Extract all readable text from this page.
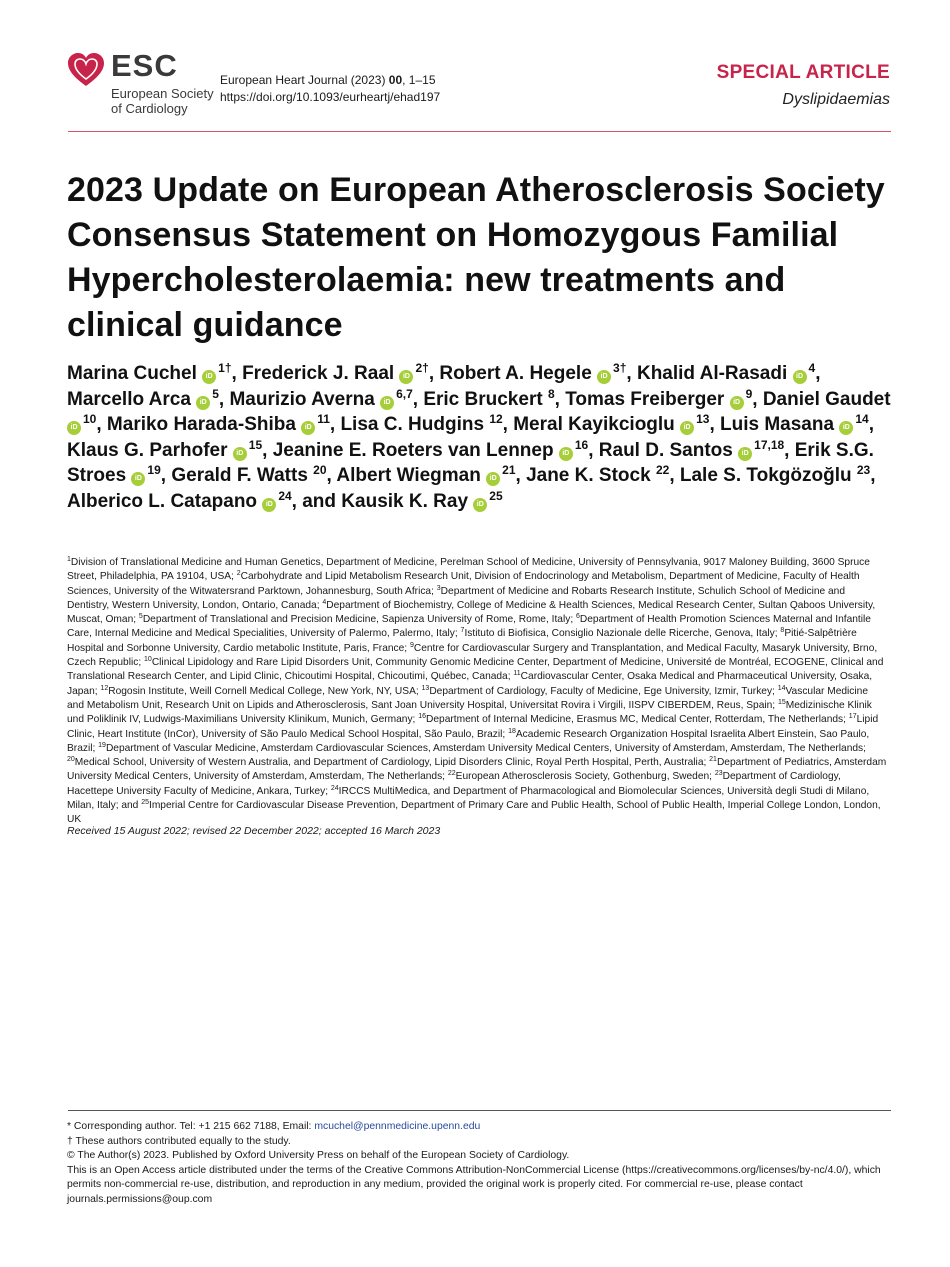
ESC
European Society
of Cardiology
European Heart Journal (2023) 00, 1–15
https://doi.org/10.1093/eurheartj/ehad197
SPECIAL ARTICLE
Dyslipidaemias
2023 Update on European Atherosclerosis Society Consensus Statement on Homozygous Familial Hypercholesterolaemia: new treatments and clinical guidance
Marina Cuchel $iD^{1\dagger}$, Frederick J. Raal $iD^{2\dagger}$, Robert A. Hegele $iD^{3\dagger}$, Khalid Al-Rasadi $iD^4$, Marcello Arca $iD^5$, Maurizio Averna iD$^{6,7}$, Eric Bruckert $^8$, Tomas Freiberger $iD^9$, Daniel Gaudet $iD^{10}$, Mariko Harada-Shiba $iD^{11}$, Lisa C. Hudgins $^{12}$, Meral Kayikcioglu $iD^{13}$, Luis Masana $iD^{14}$, Klaus G. Parhofer $iD^{15}$, Jeanine E. Roeters van Lennep $iD^{16}$, Raul D. Santos iD$^{17,18}$, Erik S.G. Stroes $iD^{19}$, Gerald F. Watts $^{20}$, Albert Wiegman $iD^{21}$, Jane K. Stock $^{22}$, Lale S. Tokgözoğlu $^{23}$, Alberico L. Catapano $iD^{24}$, and Kausik K. Ray $iD^{25}$
$^1$Division of Translational Medicine and Human Genetics, Department of Medicine, Perelman School of Medicine, University of Pennsylvania, 9017 Maloney Building, 3600 Spruce Street, Philadelphia, PA 19104, USA; $^2$Carbohydrate and Lipid Metabolism Research Unit, Division of Endocrinology and Metabolism, Department of Medicine, Faculty of Health Sciences, University of the Witwatersrand Parktown, Johannesburg, South Africa; $^3$Department of Medicine and Robarts Research Institute, Schulich School of Medicine and Dentistry, Western University, London, Ontario, Canada; $^4$Department of Biochemistry, College of Medicine & Health Sciences, Medical Research Center, Sultan Qaboos University, Muscat, Oman; $^5$Department of Translational and Precision Medicine, Sapienza University of Rome, Rome, Italy; $^6$Department of Health Promotion Sciences Maternal and Infantile Care, Internal Medicine and Medical Specialities, University of Palermo, Palermo, Italy; $^7$Istituto di Biofisica, Consiglio Nazionale delle Ricerche, Genova, Italy; $^8$Pitié-Salpêtrière Hospital and Sorbonne University, Cardio metabolic Institute, Paris, France; $^9$Centre for Cardiovascular Surgery and Transplantation, and Medical Faculty, Masaryk University, Brno, Czech Republic; $^{10}$Clinical Lipidology and Rare Lipid Disorders Unit, Community Genomic Medicine Center, Department of Medicine, Université de Montréal, ECOGENE, Clinical and Translational Research Center, and Lipid Clinic, Chicoutimi Hospital, Chicoutimi, Québec, Canada; $^{11}$Cardiovascular Center, Osaka Medical and Pharmaceutical University, Osaka, Japan; $^{12}$Rogosin Institute, Weill Cornell Medical College, New York, NY, USA; $^{13}$Department of Cardiology, Faculty of Medicine, Ege University, Izmir, Turkey; $^{14}$Vascular Medicine and Metabolism Unit, Research Unit on Lipids and Atherosclerosis, Sant Joan University Hospital, Universitat Rovira i Virgili, IISPV CIBERDEM, Reus, Spain; $^{15}$Medizinische Klinik und Poliklinik IV, Ludwigs-Maximilians University Klinikum, Munich, Germany; $^{16}$Department of Internal Medicine, Erasmus MC, Medical Center, Rotterdam, The Netherlands; $^{17}$Lipid Clinic, Heart Institute (InCor), University of São Paulo Medical School Hospital, São Paulo, Brazil; $^{18}$Academic Research Organization Hospital Israelita Albert Einstein, Sao Paulo, Brazil; $^{19}$Department of Vascular Medicine, Amsterdam Cardiovascular Sciences, Amsterdam University Medical Centers, University of Amsterdam, Amsterdam, The Netherlands; $^{20}$Medical School, University of Western Australia, and Department of Cardiology, Lipid Disorders Clinic, Royal Perth Hospital, Perth, Australia; $^{21}$Department of Pediatrics, Amsterdam University Medical Centers, University of Amsterdam, Amsterdam, The Netherlands; $^{22}$European Atherosclerosis Society, Gothenburg, Sweden; $^{23}$Department of Cardiology, Hacettepe University Faculty of Medicine, Ankara, Turkey; $^{24}$IRCCS MultiMedica, and Department of Pharmacological and Biomolecular Sciences, Università degli Studi di Milano, Milan, Italy; and $^{25}$Imperial Centre for Cardiovascular Disease Prevention, Department of Primary Care and Public Health, School of Public Health, Imperial College London, London, UK
Received 15 August 2022; revised 22 December 2022; accepted 16 March 2023
* Corresponding author. Tel: +1 215 662 7188, Email: mcuchel@pennmedicine.upenn.edu
† These authors contributed equally to the study.
© The Author(s) 2023. Published by Oxford University Press on behalf of the European Society of Cardiology.
This is an Open Access article distributed under the terms of the Creative Commons Attribution-NonCommercial License (https://creativecommons.org/licenses/by-nc/4.0/), which permits non-commercial re-use, distribution, and reproduction in any medium, provided the original work is properly cited. For commercial re-use, please contact journals.permissions@oup.com
